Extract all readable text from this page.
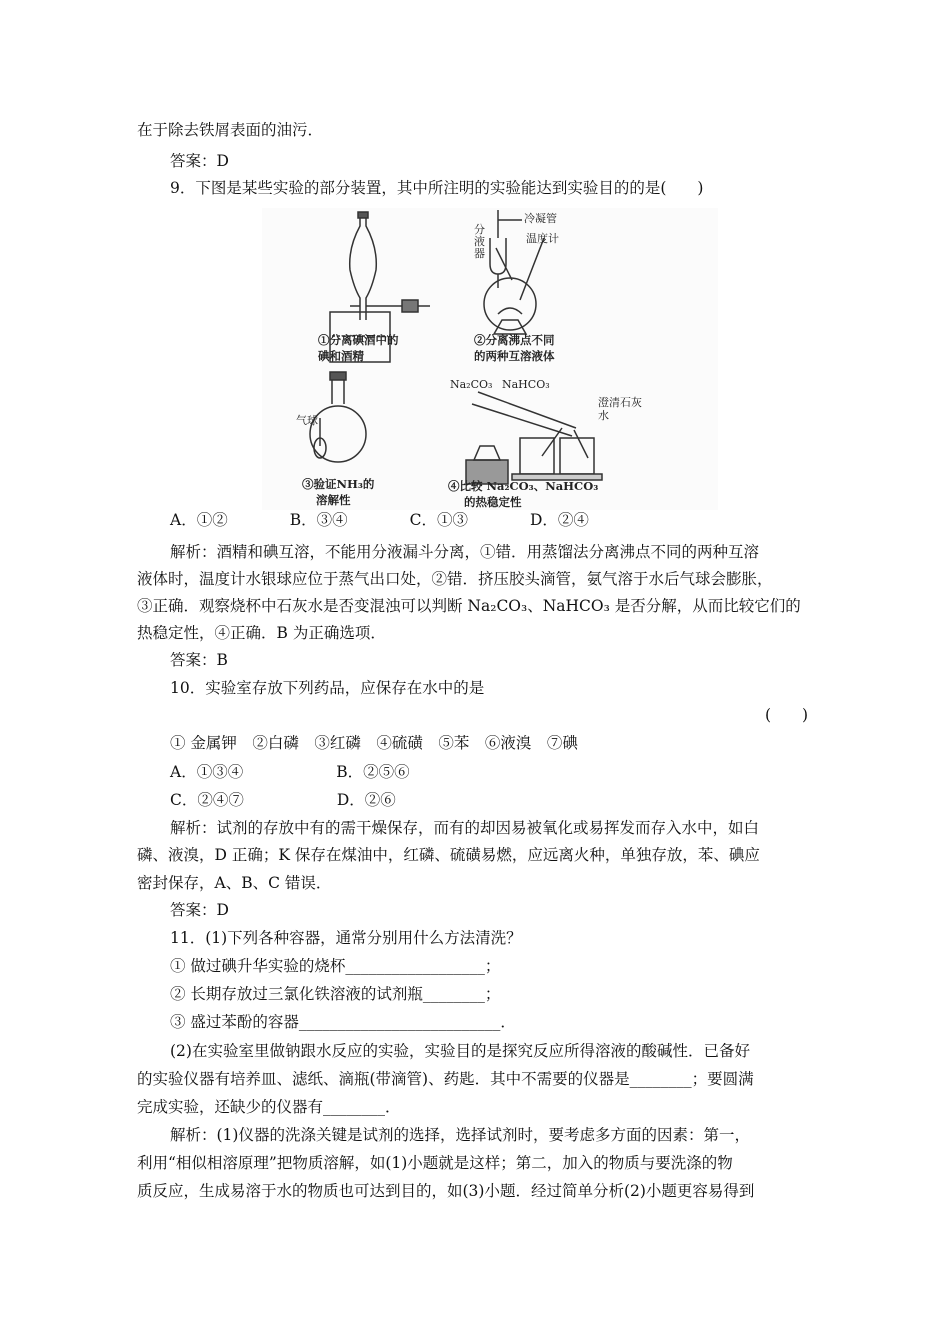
在于除去铁屑表面的油污．
答案：D
9．下图是某些实验的部分装置，其中所注明的实验能达到实验目的的是(　　)
冷凝管
分液器
温度计
气球
Na₂CO₃ NaHCO₃
澄清石灰水
①分离碘酒中的
碘和酒精
②分离沸点不同
的两种互溶液体
③验证NH₃的
溶解性
④比较 Na₂CO₃、NaHCO₃
的热稳定性
A．①②　　　　B．③④　　　　C．①③　　　　D．②④
解析：酒精和碘互溶，不能用分液漏斗分离，①错．用蒸馏法分离沸点不同的两种互溶
液体时，温度计水银球应位于蒸气出口处，②错．挤压胶头滴管，氨气溶于水后气球会膨胀，
③正确．观察烧杯中石灰水是否变混浊可以判断 Na₂CO₃、NaHCO₃ 是否分解，从而比较它们的
热稳定性，④正确．B 为正确选项．
答案：B
10．实验室存放下列药品，应保存在水中的是
(　　)
① 金属钾　②白磷　③红磷　④硫磺　⑤苯　⑥液溴　⑦碘
A．①③④　　　　　　B．②⑤⑥
C．②④⑦　　　　　　D．②⑥
解析：试剂的存放中有的需干燥保存，而有的却因易被氧化或易挥发而存入水中，如白
磷、液溴，D 正确；K 保存在煤油中，红磷、硫磺易燃，应远离火种，单独存放，苯、碘应
密封保存，A、B、C 错误．
答案：D
11．(1)下列各种容器，通常分别用什么方法清洗？
① 做过碘升华实验的烧杯__________________；
② 长期存放过三氯化铁溶液的试剂瓶________；
③ 盛过苯酚的容器__________________________．
(2)在实验室里做钠跟水反应的实验，实验目的是探究反应所得溶液的酸碱性．已备好
的实验仪器有培养皿、滤纸、滴瓶(带滴管)、药匙．其中不需要的仪器是________；要圆满
完成实验，还缺少的仪器有________．
解析：(1)仪器的洗涤关键是试剂的选择，选择试剂时，要考虑多方面的因素：第一，
利用“相似相溶原理”把物质溶解，如(1)小题就是这样；第二，加入的物质与要洗涤的物
质反应，生成易溶于水的物质也可达到目的，如(3)小题．经过简单分析(2)小题更容易得到
